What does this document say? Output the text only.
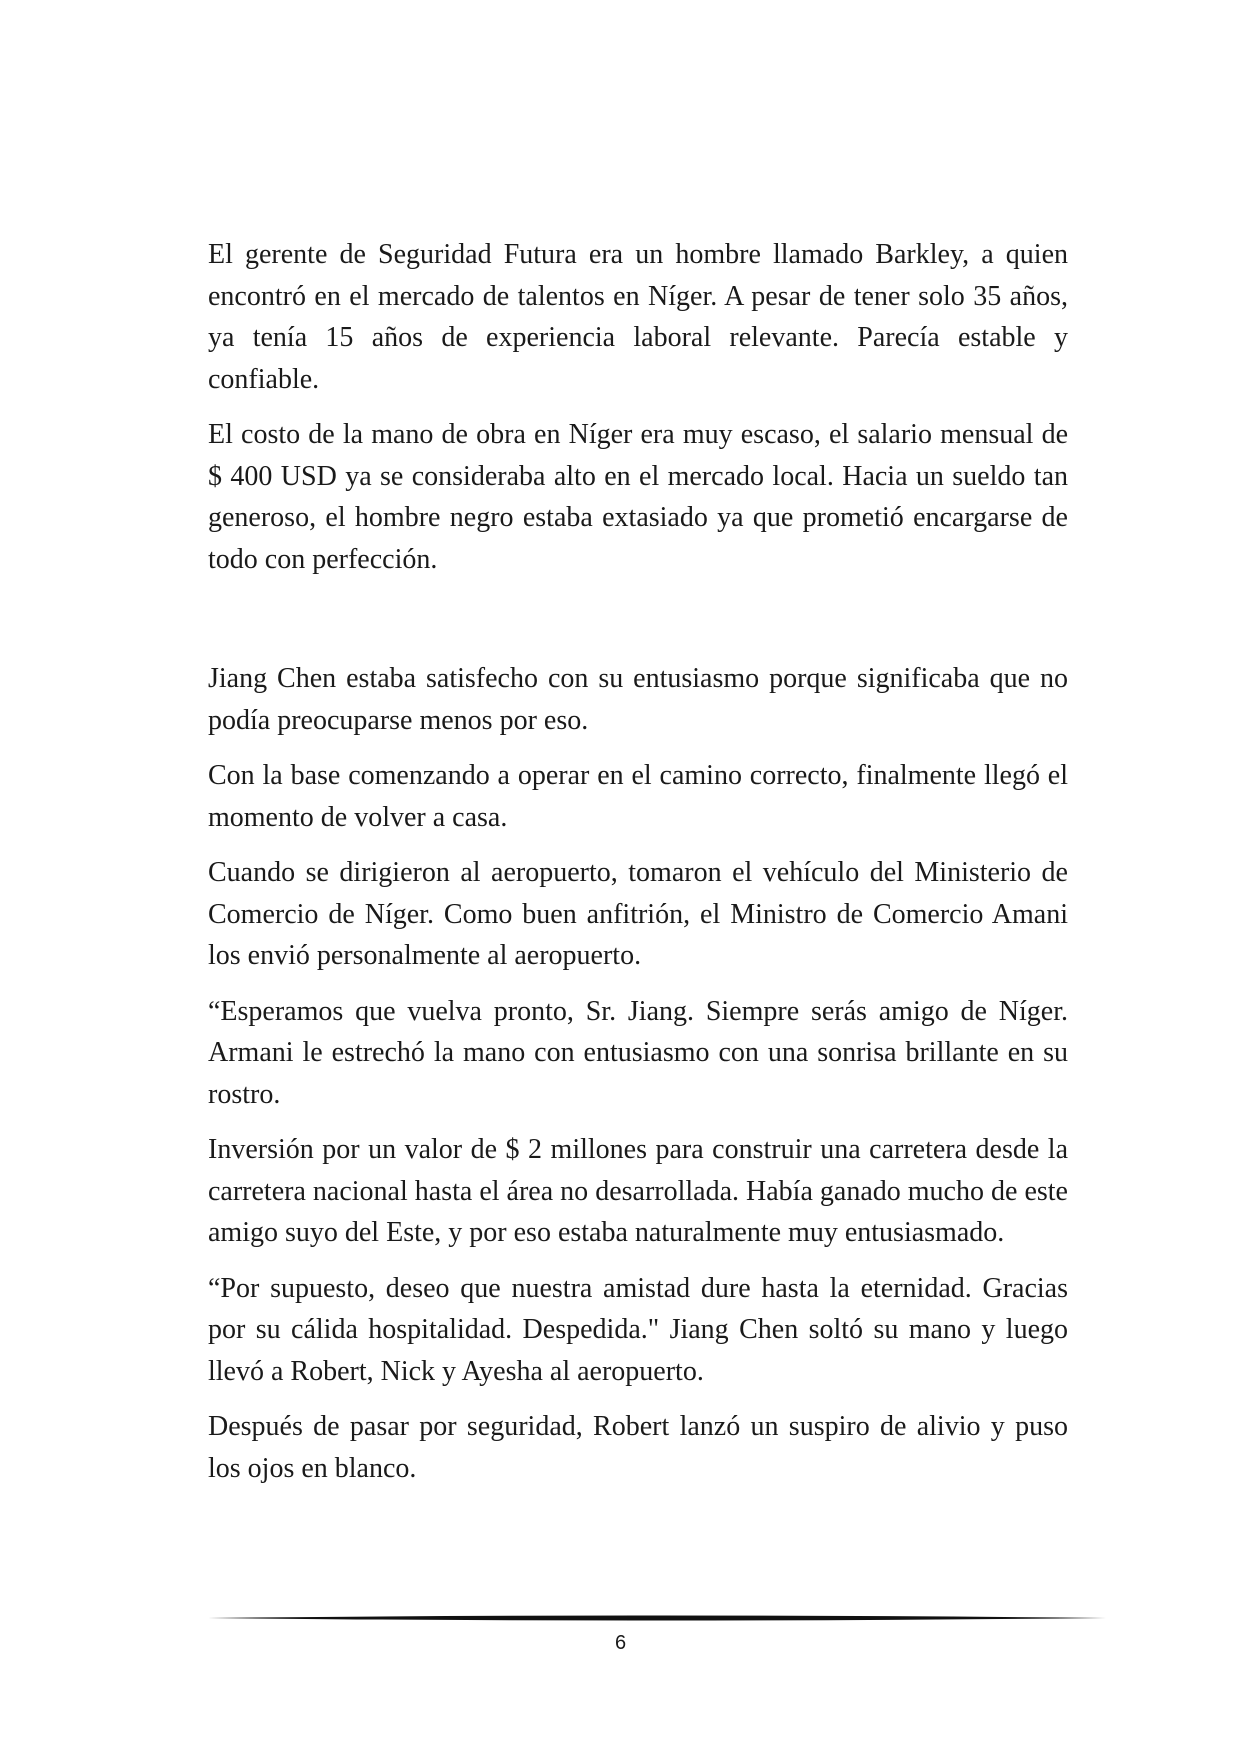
El gerente de Seguridad Futura era un hombre llamado Barkley, a quien encontró en el mercado de talentos en Níger. A pesar de tener solo 35 años, ya tenía 15 años de experiencia laboral relevante. Parecía estable y confiable.

El costo de la mano de obra en Níger era muy escaso, el salario mensual de $ 400 USD ya se consideraba alto en el mercado local. Hacia un sueldo tan generoso, el hombre negro estaba extasiado ya que prometió encargarse de todo con perfección.

Jiang Chen estaba satisfecho con su entusiasmo porque significaba que no podía preocuparse menos por eso.

Con la base comenzando a operar en el camino correcto, finalmente llegó el momento de volver a casa.

Cuando se dirigieron al aeropuerto, tomaron el vehículo del Ministerio de Comercio de Níger. Como buen anfitrión, el Ministro de Comercio Amani los envió personalmente al aeropuerto.

“Esperamos que vuelva pronto, Sr. Jiang. Siempre serás amigo de Níger. Armani le estrechó la mano con entusiasmo con una sonrisa brillante en su rostro.

Inversión por un valor de $ 2 millones para construir una carretera desde la carretera nacional hasta el área no desarrollada. Había ganado mucho de este amigo suyo del Este, y por eso estaba naturalmente muy entusiasmado.

“Por supuesto, deseo que nuestra amistad dure hasta la eternidad. Gracias por su cálida hospitalidad. Despedida." Jiang Chen soltó su mano y luego llevó a Robert, Nick y Ayesha al aeropuerto.

Después de pasar por seguridad, Robert lanzó un suspiro de alivio y puso los ojos en blanco.

6
